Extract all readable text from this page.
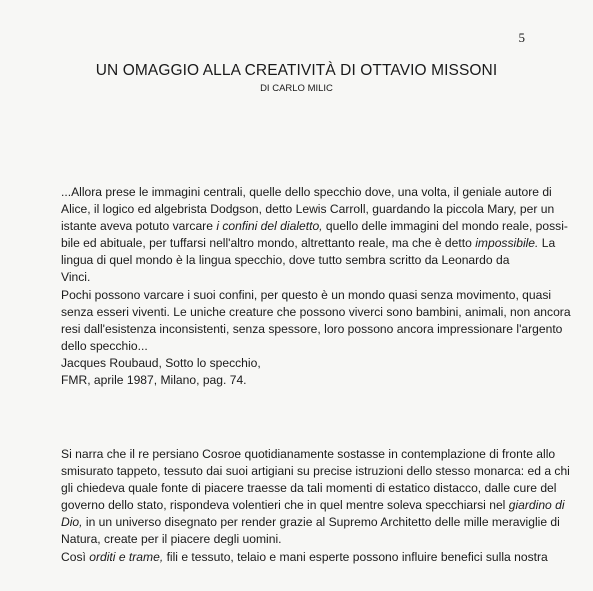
5
UN OMAGGIO ALLA CREATIVITÀ DI OTTAVIO MISSONI

DI CARLO MILIC

...Allora prese le immagini centrali, quelle dello specchio dove, una volta, il geniale autore di
Alice, il logico ed algebrista Dodgson, detto Lewis Carroll, guardando la piccola Mary, per un
istante aveva potuto varcare i confini del dialetto, quello delle immagini del mondo reale, possi-
bile ed abituale, per tuffarsi nell'altro mondo, altrettanto reale, ma che è detto impossibile. La
lingua di quel mondo è la lingua specchio, dove tutto sembra scritto da Leonardo da Vinci.
Pochi possono varcare i suoi confini, per questo è un mondo quasi senza movimento, quasi
senza esseri viventi. Le uniche creature che possono viverci sono bambini, animali, non ancora
resi dall'esistenza inconsistenti, senza spessore, loro possono ancora impressionare l'argento
dello specchio...
Jacques Roubaud, Sotto lo specchio,
FMR, aprile 1987, Milano, pag. 74.
Si narra che il re persiano Cosroe quotidianamente sostasse in contemplazione di fronte allo
smisurato tappeto, tessuto dai suoi artigiani su precise istruzioni dello stesso monarca: ed a chi
gli chiedeva quale fonte di piacere traesse da tali momenti di estatico distacco, dalle cure del
governo dello stato, rispondeva volentieri che in quel mentre soleva specchiarsi nel giardino di
Dio, in un universo disegnato per render grazie al Supremo Architetto delle mille meraviglie di
Natura, create per il piacere degli uomini.
Così orditi e trame, fili e tessuto, telaio e mani esperte possono influire benefici sulla nostra
